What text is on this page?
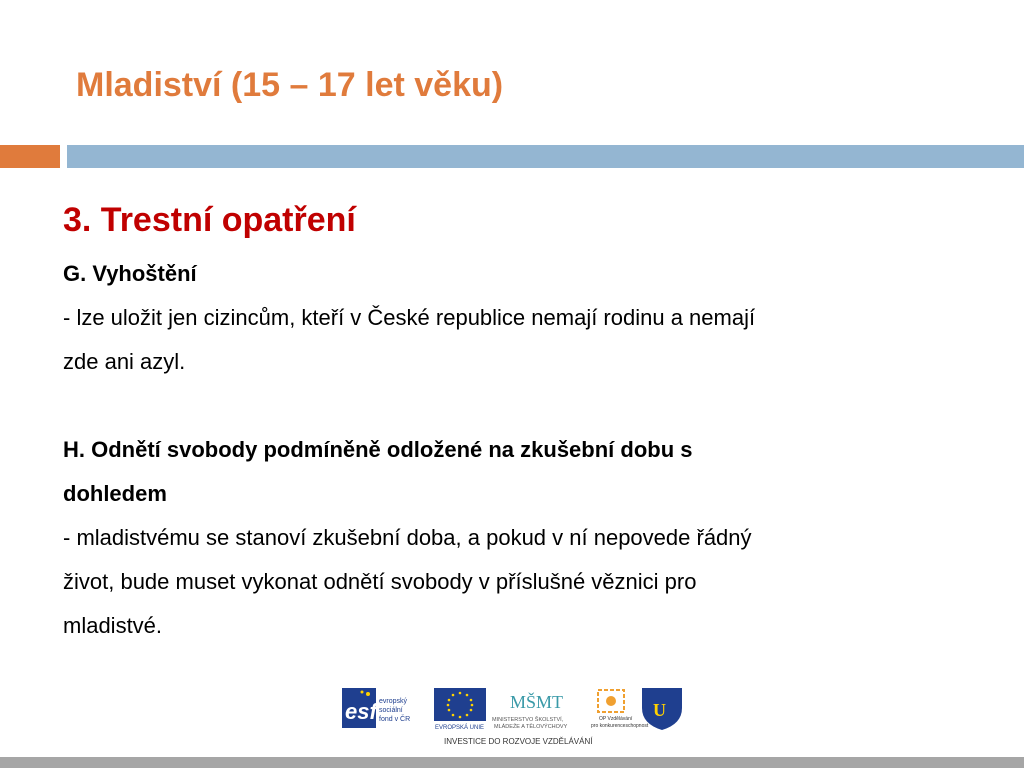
Mladiství (15 – 17 let věku)

3. Trestní opatření

G. Vyhoštění

- lze uložit jen cizincům, kteří v České republice nemají rodinu a nemají

zde ani azyl.

H. Odnětí svobody podmíněně odložené na zkušební dobu s

dohledem

- mladistvému se stanoví zkušební doba, a pokud v ní nepovede řádný

život, bude muset vykonat odnětí svobody v příslušné věznici pro

mladistvé.

esf evropský
sociální
fond v ČR
EVROPSKÁ UNIE
MŠMT
MINISTERSTVO ŠKOLSTVÍ,
MLÁDEŽE A TĚLOVÝCHOVY
OP Vzdělávání
pro konkurenceschopnost
U
INVESTICE DO ROZVOJE VZDĚLÁVÁNÍ
